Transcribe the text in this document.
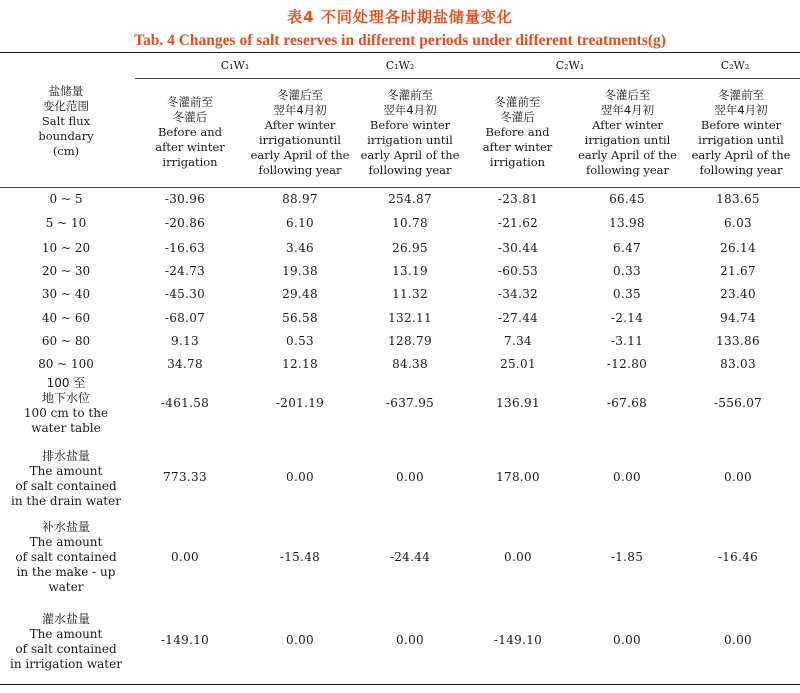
表4 不同处理各时期盐储量变化
Tab. 4 Changes of salt reserves in different periods under different treatments(g)
盐储量
变化范围
Salt flux
boundary
(cm)
C₁W₁	C₁W₂	C₂W₁	C₂W₂
冬灌前至
冬灌后
Before and
after winter
irrigation
冬灌后至
翌年4月初
After winter
irrigationuntil
early April of the
following year
冬灌前至
翌年4月初
Before winter
irrigation until
early April of the
following year
冬灌前至
冬灌后
Before and
after winter
irrigation
冬灌后至
翌年4月初
After winter
irrigation until
early April of the
following year
冬灌前至
翌年4月初
Before winter
irrigation until
early April of the
following year
0 ~ 5	-30.96	88.97	254.87	-23.81	66.45	183.65
5 ~ 10	-20.86	6.10	10.78	-21.62	13.98	6.03
10 ~ 20	-16.63	3.46	26.95	-30.44	6.47	26.14
20 ~ 30	-24.73	19.38	13.19	-60.53	0.33	21.67
30 ~ 40	-45.30	29.48	11.32	-34.32	0.35	23.40
40 ~ 60	-68.07	56.58	132.11	-27.44	-2.14	94.74
60 ~ 80	9.13	0.53	128.79	7.34	-3.11	133.86
80 ~ 100	34.78	12.18	84.38	25.01	-12.80	83.03
100 至
地下水位
100 cm to the
water table
-461.58	-201.19	-637.95	136.91	-67.68	-556.07
排水盐量
The amount
of salt contained
in the drain water
773.33	0.00	0.00	178.00	0.00	0.00
补水盐量
The amount
of salt contained
in the make - up
water
0.00	-15.48	-24.44	0.00	-1.85	-16.46
灌水盐量
The amount
of salt contained
in irrigation water
-149.10	0.00	0.00	-149.10	0.00	0.00
